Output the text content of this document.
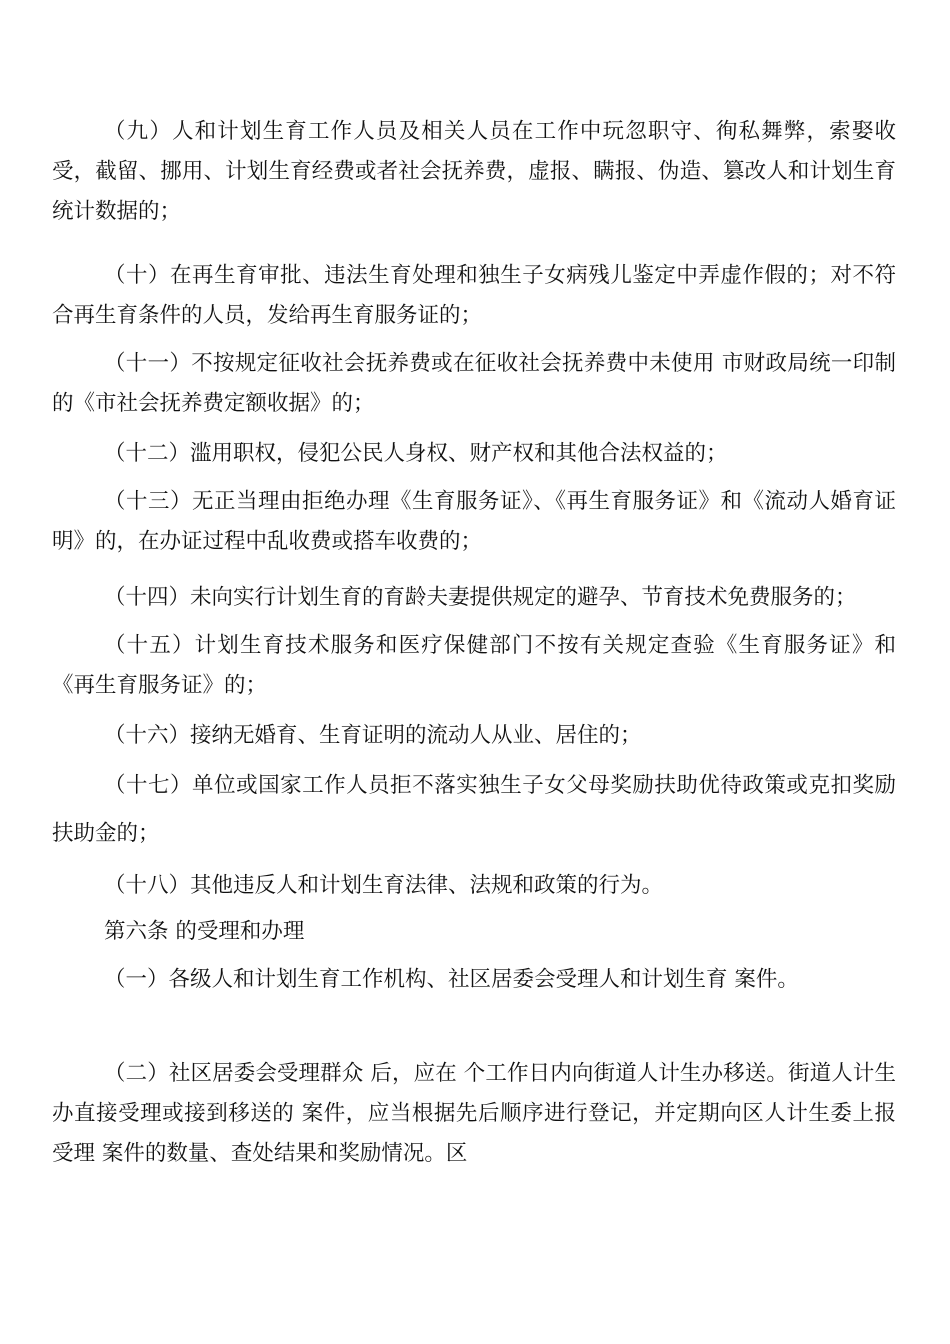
（九）人和计划生育工作人员及相关人员在工作中玩忽职守、徇私舞弊，索娶收受，截留、挪用、计划生育经费或者社会抚养费，虚报、瞒报、伪造、篡改人和计划生育统计数据的；

（十）在再生育审批、违法生育处理和独生子女病残儿鉴定中弄虚作假的；对不符合再生育条件的人员，发给再生育服务证的；

（十一）不按规定征收社会抚养费或在征收社会抚养费中未使用 市财政局统一印制的《市社会抚养费定额收据》的；

（十二）滥用职权，侵犯公民人身权、财产权和其他合法权益的；

（十三）无正当理由拒绝办理《生育服务证》、《再生育服务证》和《流动人婚育证明》的，在办证过程中乱收费或搭车收费的；

（十四）未向实行计划生育的育龄夫妻提供规定的避孕、节育技术免费服务的；

（十五）计划生育技术服务和医疗保健部门不按有关规定查验《生育服务证》和《再生育服务证》的；

（十六）接纳无婚育、生育证明的流动人从业、居住的；

（十七）单位或国家工作人员拒不落实独生子女父母奖励扶助优待政策或克扣奖励扶助金的；

（十八）其他违反人和计划生育法律、法规和政策的行为。

第六条 的受理和办理

（一）各级人和计划生育工作机构、社区居委会受理人和计划生育 案件。

（二）社区居委会受理群众 后，应在 个工作日内向街道人计生办移送。街道人计生办直接受理或接到移送的 案件，应当根据先后顺序进行登记，并定期向区人计生委上报受理 案件的数量、查处结果和奖励情况。区
